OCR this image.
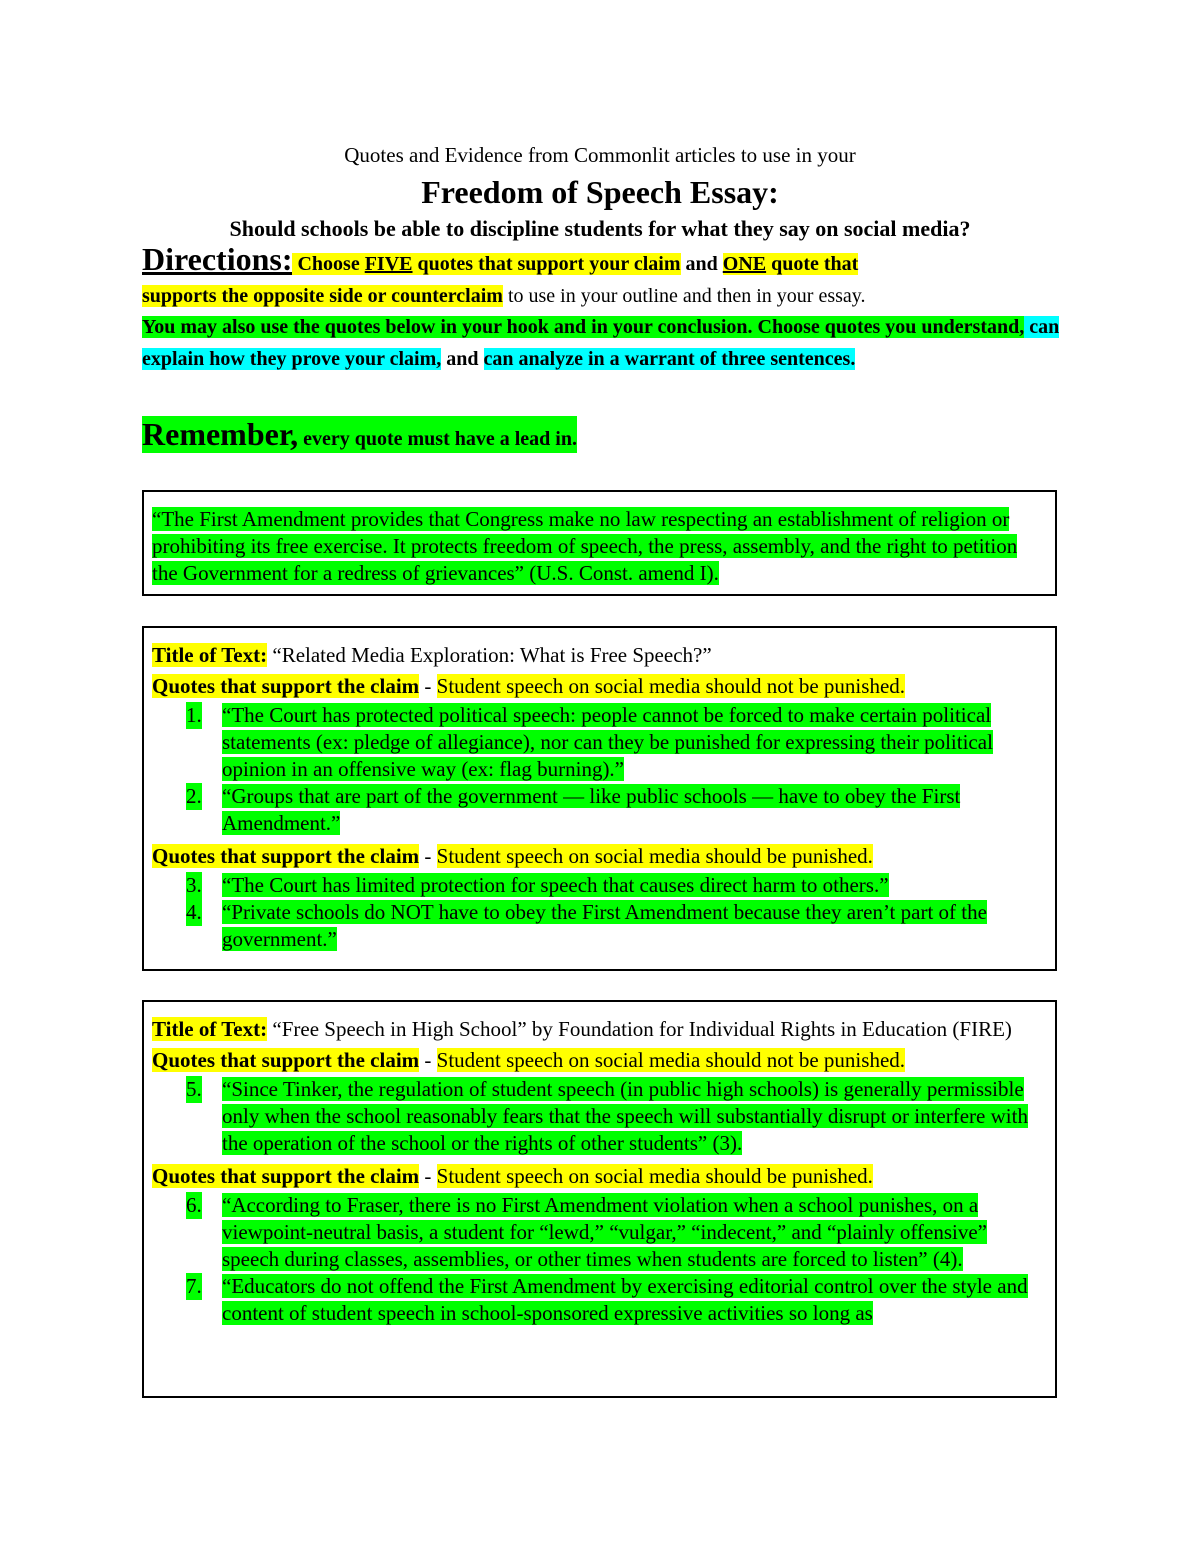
Quotes and Evidence from Commonlit articles to use in your
Freedom of Speech Essay:
Should schools be able to discipline students for what they say on social media?
Directions: Choose FIVE quotes that support your claim and ONE quote that
supports the opposite side or counterclaim to use in your outline and then in your essay.
You may also use the quotes below in your hook and in your conclusion. Choose quotes you understand, can explain how they prove your claim, and can analyze in a warrant of three sentences.
Remember, every quote must have a lead in.
“The First Amendment provides that Congress make no law respecting an establishment of religion or prohibiting its free exercise. It protects freedom of speech, the press, assembly, and the right to petition the Government for a redress of grievances” (U.S. Const. amend I).
Title of Text: “Related Media Exploration: What is Free Speech?”
Quotes that support the claim - Student speech on social media should not be punished.
1. “The Court has protected political speech: people cannot be forced to make certain political statements (ex: pledge of allegiance), nor can they be punished for expressing their political opinion in an offensive way (ex: flag burning).”
2. “Groups that are part of the government — like public schools — have to obey the First Amendment.”
Quotes that support the claim - Student speech on social media should be punished.
3. “The Court has limited protection for speech that causes direct harm to others.”
4. “Private schools do NOT have to obey the First Amendment because they aren’t part of the government.”
Title of Text: “Free Speech in High School” by Foundation for Individual Rights in Education (FIRE)
Quotes that support the claim - Student speech on social media should not be punished.
5. “Since Tinker, the regulation of student speech (in public high schools) is generally permissible only when the school reasonably fears that the speech will substantially disrupt or interfere with the operation of the school or the rights of other students” (3).
Quotes that support the claim - Student speech on social media should be punished.
6. “According to Fraser, there is no First Amendment violation when a school punishes, on a viewpoint-neutral basis, a student for “lewd,” “vulgar,” “indecent,” and “plainly offensive” speech during classes, assemblies, or other times when students are forced to listen” (4).
7. “Educators do not offend the First Amendment by exercising editorial control over the style and content of student speech in school-sponsored expressive activities so long as
